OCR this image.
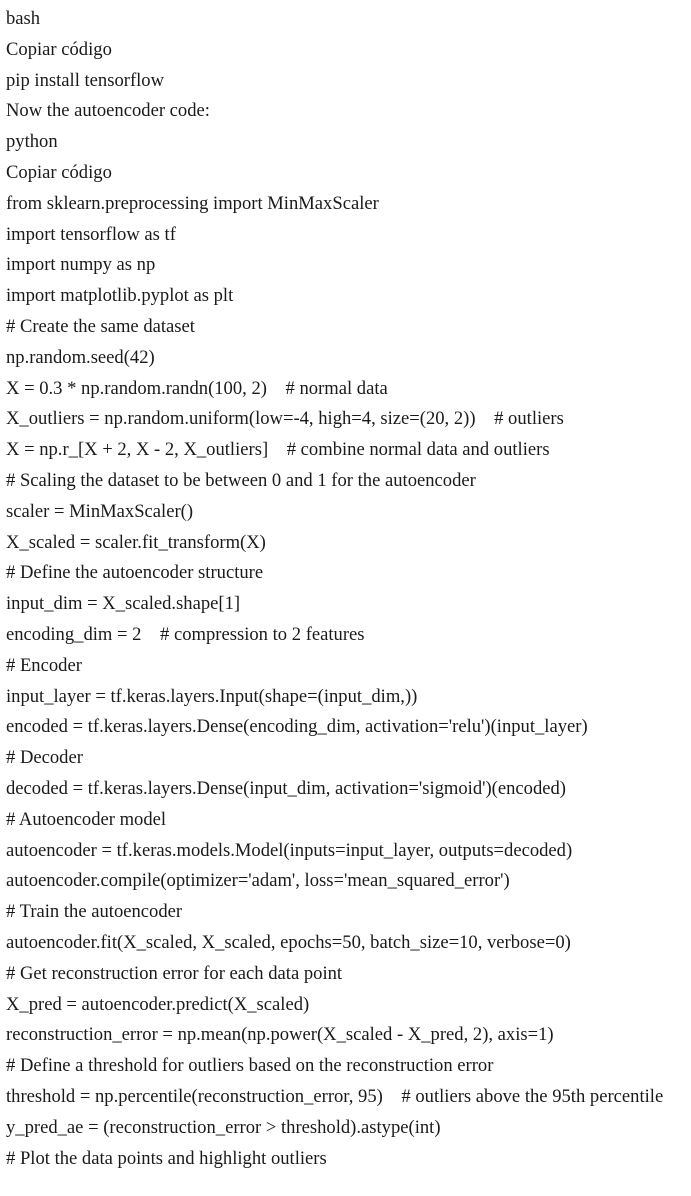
bash
Copiar código
pip install tensorflow
Now the autoencoder code:
python
Copiar código
from sklearn.preprocessing import MinMaxScaler
import tensorflow as tf
import numpy as np
import matplotlib.pyplot as plt
# Create the same dataset
np.random.seed(42)
X = 0.3 * np.random.randn(100, 2)    # normal data
X_outliers = np.random.uniform(low=-4, high=4, size=(20, 2))    # outliers
X = np.r_[X + 2, X - 2, X_outliers]    # combine normal data and outliers
# Scaling the dataset to be between 0 and 1 for the autoencoder
scaler = MinMaxScaler()
X_scaled = scaler.fit_transform(X)
# Define the autoencoder structure
input_dim = X_scaled.shape[1]
encoding_dim = 2    # compression to 2 features
# Encoder
input_layer = tf.keras.layers.Input(shape=(input_dim,))
encoded = tf.keras.layers.Dense(encoding_dim, activation='relu')(input_layer)
# Decoder
decoded = tf.keras.layers.Dense(input_dim, activation='sigmoid')(encoded)
# Autoencoder model
autoencoder = tf.keras.models.Model(inputs=input_layer, outputs=decoded)
autoencoder.compile(optimizer='adam', loss='mean_squared_error')
# Train the autoencoder
autoencoder.fit(X_scaled, X_scaled, epochs=50, batch_size=10, verbose=0)
# Get reconstruction error for each data point
X_pred = autoencoder.predict(X_scaled)
reconstruction_error = np.mean(np.power(X_scaled - X_pred, 2), axis=1)
# Define a threshold for outliers based on the reconstruction error
threshold = np.percentile(reconstruction_error, 95)    # outliers above the 95th percentile
y_pred_ae = (reconstruction_error > threshold).astype(int)
# Plot the data points and highlight outliers
